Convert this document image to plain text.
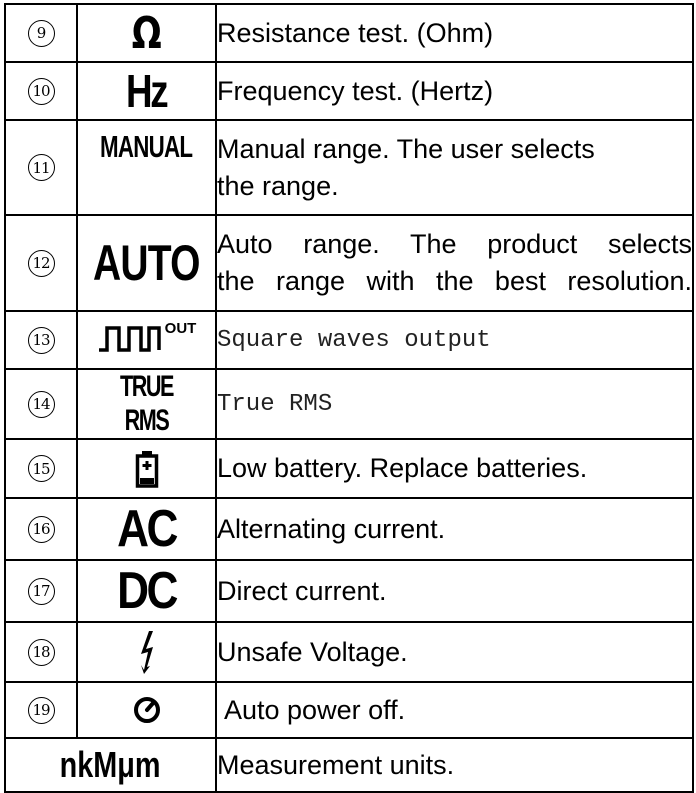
9	Ω	Resistance test. (Ohm)
10	Hz	Frequency test. (Hertz)
11	MANUAL	Manual range. The user selects
the range.

12	AUTO	Auto range. The product selects
the range with the best resolution.

13	OUT	Square waves output
14	TRUE RMS	True RMS
15		Low battery. Replace batteries.
16	AC	Alternating current.
17	DC	Direct current.
18		Unsafe Voltage.
19		Auto power off.
nkMμm		Measurement units.
